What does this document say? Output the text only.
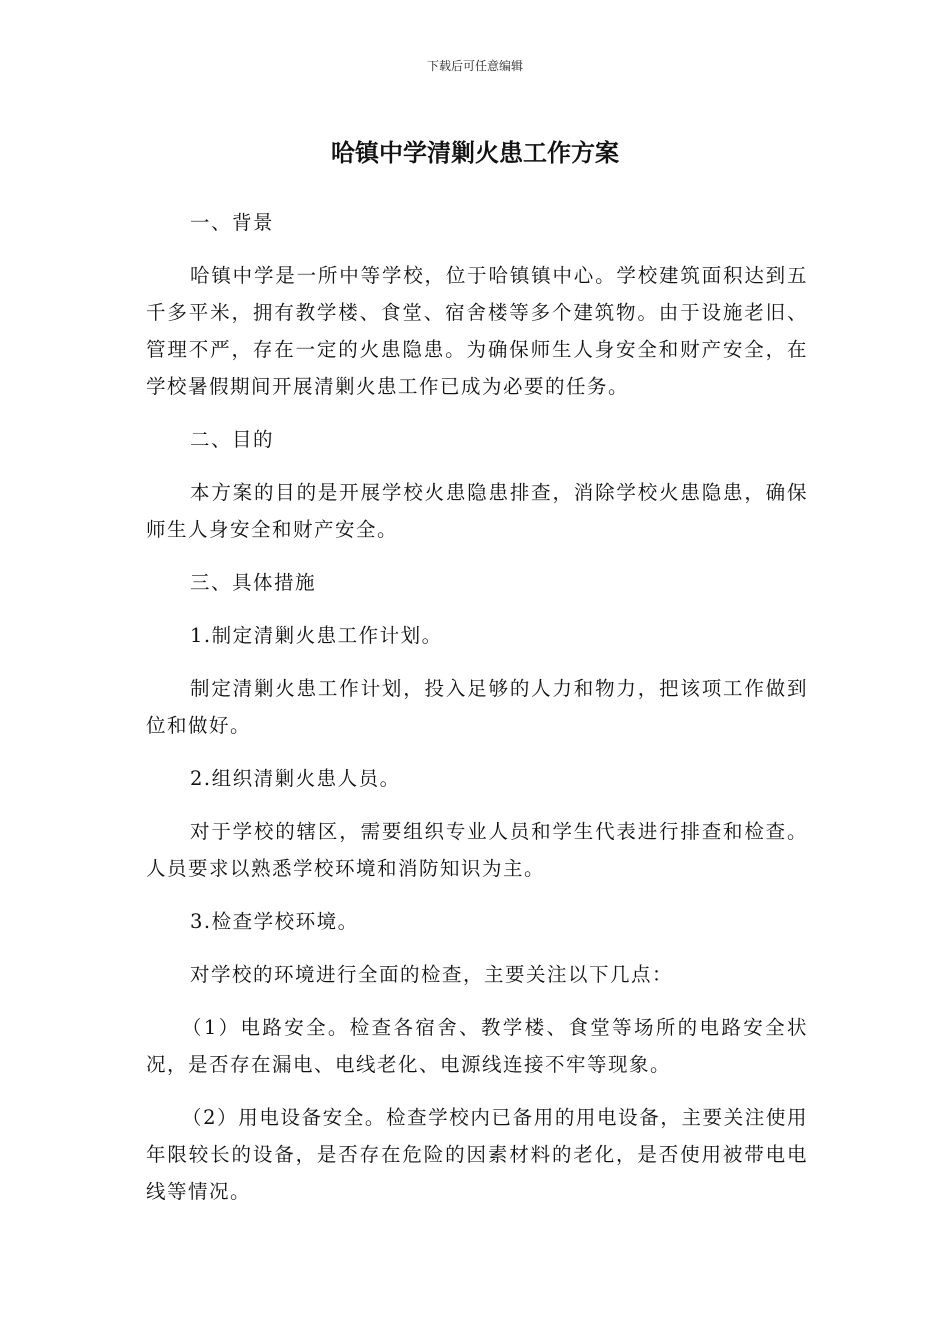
下载后可任意编辑
哈镇中学清剿火患工作方案

一、背景

哈镇中学是一所中等学校，位于哈镇镇中心。学校建筑面积达到五千多平米，拥有教学楼、食堂、宿舍楼等多个建筑物。由于设施老旧、管理不严，存在一定的火患隐患。为确保师生人身安全和财产安全，在学校暑假期间开展清剿火患工作已成为必要的任务。

二、目的

本方案的目的是开展学校火患隐患排查，消除学校火患隐患，确保师生人身安全和财产安全。

三、具体措施

1.制定清剿火患工作计划。

制定清剿火患工作计划，投入足够的人力和物力，把该项工作做到位和做好。

2.组织清剿火患人员。

对于学校的辖区，需要组织专业人员和学生代表进行排查和检查。人员要求以熟悉学校环境和消防知识为主。

3.检查学校环境。

对学校的环境进行全面的检查，主要关注以下几点：

（1）电路安全。检查各宿舍、教学楼、食堂等场所的电路安全状况，是否存在漏电、电线老化、电源线连接不牢等现象。

（2）用电设备安全。检查学校内已备用的用电设备，主要关注使用年限较长的设备，是否存在危险的因素材料的老化，是否使用被带电电线等情况。
